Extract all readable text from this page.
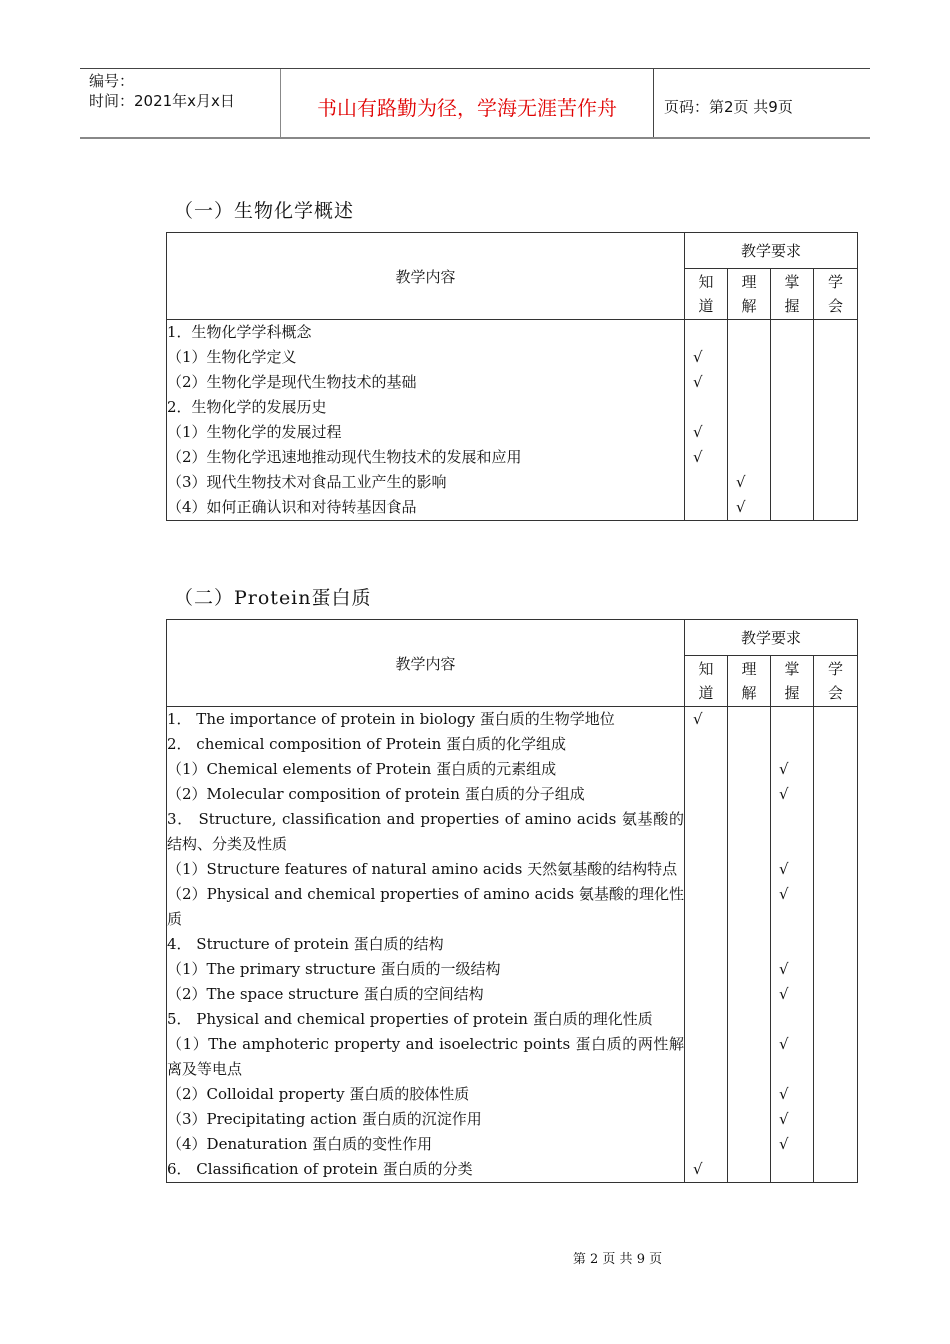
编号：
时间：2021年x月x日	书山有路勤为径，学海无涯苦作舟	页码：第2页 共9页
（一）生物化学概述
教学内容	教学要求			
	知道	理解	掌握	学会
1．生物化学学科概念				
（1）生物化学定义	√			
（2）生物化学是现代生物技术的基础	√			
2．生物化学的发展历史				
（1）生物化学的发展过程	√			
（2）生物化学迅速地推动现代生物技术的发展和应用	√			
（3）现代生物技术对食品工业产生的影响		√		
（4）如何正确认识和对待转基因食品		√		
（二）Protein蛋白质
教学内容	教学要求			
	知道	理解	掌握	学会
1． The importance of protein in biology 蛋白质的生物学地位	√			
2． chemical composition of Protein 蛋白质的化学组成				
（1）Chemical elements of Protein 蛋白质的元素组成			√	
（2）Molecular composition of protein 蛋白质的分子组成			√	
3． Structure, classification and properties of amino acids 氨基酸的结构、分类及性质				
（1）Structure features of natural amino acids 天然氨基酸的结构特点			√	
（2）Physical and chemical properties of amino acids 氨基酸的理化性质			√	
4． Structure of protein 蛋白质的结构				
（1）The primary structure 蛋白质的一级结构			√	
（2）The space structure 蛋白质的空间结构			√	
5． Physical and chemical properties of protein 蛋白质的理化性质				
（1）The amphoteric property and isoelectric points 蛋白质的两性解离及等电点			√	
（2）Colloidal property 蛋白质的胶体性质			√	
（3）Precipitating action 蛋白质的沉淀作用			√	
（4）Denaturation 蛋白质的变性作用			√	
6． Classification of protein 蛋白质的分类	√			
第 2 页 共 9 页
